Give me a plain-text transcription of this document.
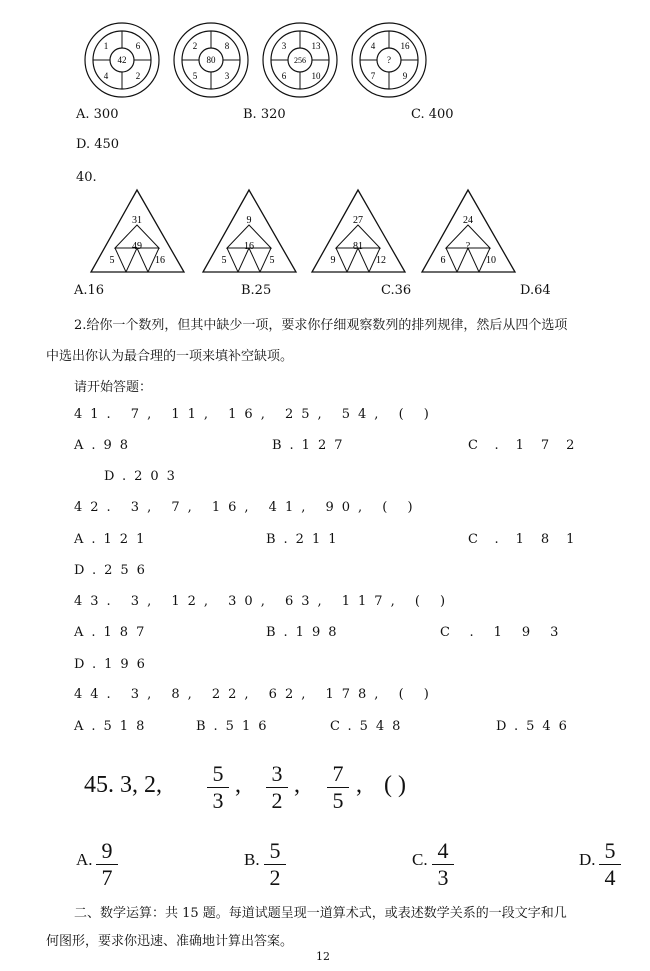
1	6
4	2
42
2	8
5	3
80
3	13
6	10
256
4	16
7	9
?
A. 300	B. 320	C. 400
D. 450
40.
31
49
5	16
9
16
5	5
27
81
9	12
24
?
6	10
A.16	B.25	C.36	D.64
2.给你一个数列，但其中缺少一项，要求你仔细观察数列的排列规律，然后从四个选项
中选出你认为最合理的一项来填补空缺项。
请开始答题：
41. 7, 11, 16, 25, 54, ( )
A.98	B.127	C.172
D.203
42. 3, 7, 16, 41, 90, ( )
A.121	B.211	C.181
D.256
43. 3, 12, 30, 63, 117, ( )
A.187	B.198	C.193
D.196
44. 3, 8, 22, 62, 178, ( )
A.518	B.516	C.548	D.546
45. 3, 2, 5
3
, 3
2
, 7
5
, ( )
A. 9
7
B. 5
2
C. 4
3
D. 5
4
二、数学运算：共 15 题。每道试题呈现一道算术式，或表述数学关系的一段文字和几
何图形，要求你迅速、准确地计算出答案。
12
